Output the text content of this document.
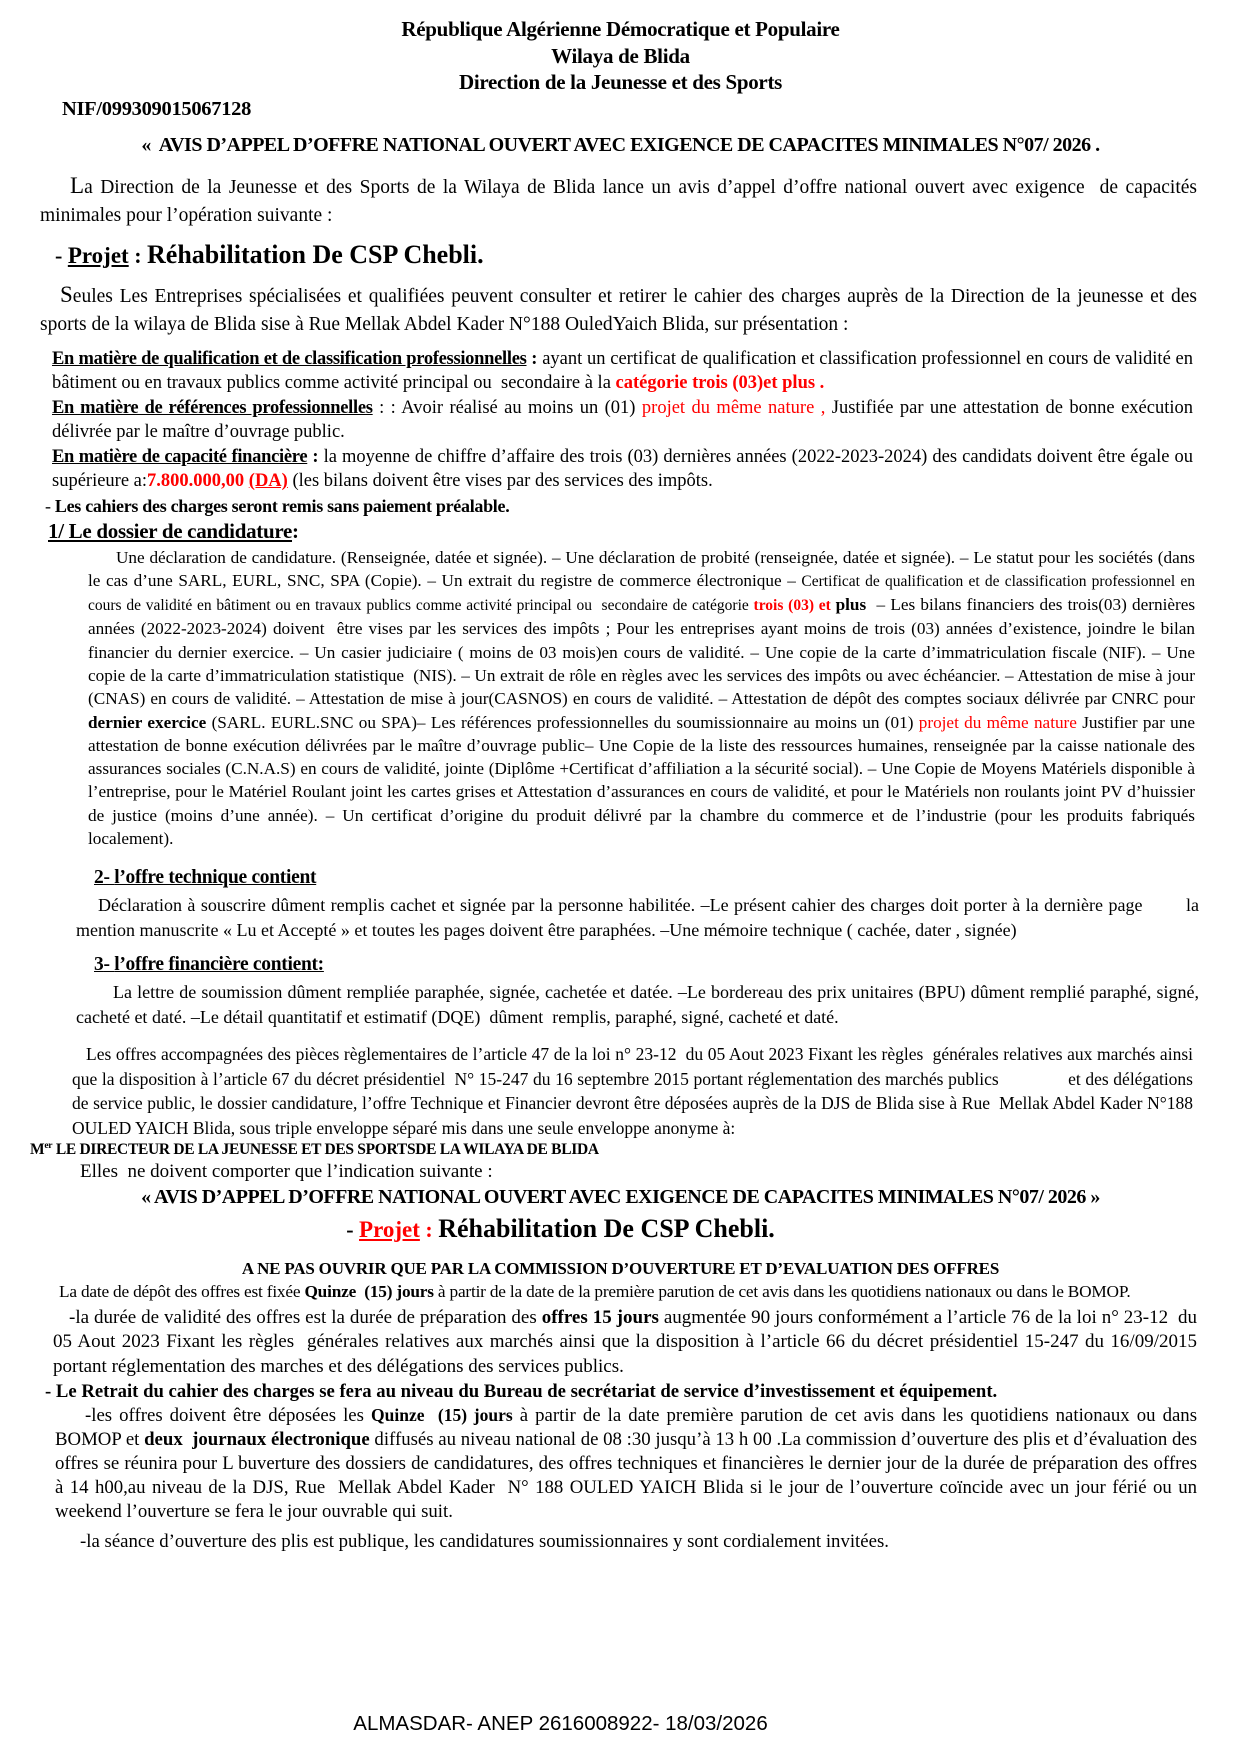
République Algérienne Démocratique et Populaire

Wilaya de Blida

Direction de la Jeunesse et des Sports

NIF/099309015067128

«  AVIS D’APPEL D’OFFRE NATIONAL OUVERT AVEC EXIGENCE DE CAPACITES MINIMALES N°07/ 2026 .

La Direction de la Jeunesse et des Sports de la Wilaya de Blida lance un avis d’appel d’offre national ouvert avec exigence  de capacités minimales pour l’opération suivante :

- Projet : Réhabilitation De CSP Chebli.

Seules Les Entreprises spécialisées et qualifiées peuvent consulter et retirer le cahier des charges auprès de la Direction de la jeunesse et des sports de la wilaya de Blida sise à Rue Mellak Abdel Kader N°188 OuledYaich Blida, sur présentation :

En matière de qualification et de classification professionnelles : ayant un certificat de qualification et classification professionnel en cours de validité en bâtiment ou en travaux publics comme activité principal ou  secondaire à la catégorie trois (03)et plus .

En matière de références professionnelles : : Avoir réalisé au moins un (01) projet du même nature , Justifiée par une attestation de bonne exécution délivrée par le maître d’ouvrage public.

En matière de capacité financière : la moyenne de chiffre d’affaire des trois (03) dernières années (2022-2023-2024) des candidats doivent être égale ou supérieure a:7.800.000,00 (DA) (les bilans doivent être vises par des services des impôts.

- Les cahiers des charges seront remis sans paiement préalable.

1/ Le dossier de candidature:

Une déclaration de candidature. (Renseignée, datée et signée). – Une déclaration de probité (renseignée, datée et signée). – Le statut pour les sociétés (dans le cas d’une SARL, EURL, SNC, SPA (Copie). – Un extrait du registre de commerce électronique – Certificat de qualification et de classification professionnel en cours de validité en bâtiment ou en travaux publics comme activité principal ou  secondaire de catégorie trois (03) et plus  – Les bilans financiers des trois(03) dernières années (2022-2023-2024) doivent  être vises par les services des impôts ; Pour les entreprises ayant moins de trois (03) années d’existence, joindre le bilan financier du dernier exercice. – Un casier judiciaire ( moins de 03 mois)en cours de validité. – Une copie de la carte d’immatriculation fiscale (NIF). – Une copie de la carte d’immatriculation statistique  (NIS). – Un extrait de rôle en règles avec les services des impôts ou avec échéancier. – Attestation de mise à jour (CNAS) en cours de validité. – Attestation de mise à jour(CASNOS) en cours de validité. – Attestation de dépôt des comptes sociaux délivrée par CNRC pour dernier exercice (SARL. EURL.SNC ou SPA)– Les références professionnelles du soumissionnaire au moins un (01) projet du même nature Justifier par une attestation de bonne exécution délivrées par le maître d’ouvrage public– Une Copie de la liste des ressources humaines, renseignée par la caisse nationale des assurances sociales (C.N.A.S) en cours de validité, jointe (Diplôme +Certificat d’affiliation a la sécurité social). – Une Copie de Moyens Matériels disponible à l’entreprise, pour le Matériel Roulant joint les cartes grises et Attestation d’assurances en cours de validité, et pour le Matériels non roulants joint PV d’huissier de justice (moins d’une année). – Un certificat d’origine du produit délivré par la chambre du commerce et de l’industrie (pour les produits fabriqués localement).

2- l’offre technique contient

Déclaration à souscrire dûment remplis cachet et signée par la personne habilitée. –Le présent cahier des charges doit porter à la dernière page        la mention manuscrite « Lu et Accepté » et toutes les pages doivent être paraphées. –Une mémoire technique ( cachée, dater , signée)

3- l’offre financière contient:

La lettre de soumission dûment rempliée paraphée, signée, cachetée et datée. –Le bordereau des prix unitaires (BPU) dûment remplié paraphé, signé, cacheté et daté. –Le détail quantitatif et estimatif (DQE)  dûment  remplis, paraphé, signé, cacheté et daté.

Les offres accompagnées des pièces règlementaires de l’article 47 de la loi n° 23-12  du 05 Aout 2023 Fixant les règles  générales relatives aux marchés ainsi que la disposition à l’article 67 du décret présidentiel  N° 15-247 du 16 septembre 2015 portant réglementation des marchés publics               et des délégations de service public, le dossier candidature, l’offre Technique et Financier devront être déposées auprès de la DJS de Blida sise à Rue  Mellak Abdel Kader N°188 OULED YAICH Blida, sous triple enveloppe séparé mis dans une seule enveloppe anonyme à:

Mer LE DIRECTEUR DE LA JEUNESSE ET DES SPORTSDE LA WILAYA DE BLIDA

Elles  ne doivent comporter que l’indication suivante :

« AVIS D’APPEL D’OFFRE NATIONAL OUVERT AVEC EXIGENCE DE CAPACITES MINIMALES N°07/ 2026 »

- Projet : Réhabilitation De CSP Chebli.

A NE PAS OUVRIR QUE PAR LA COMMISSION D’OUVERTURE ET D’EVALUATION DES OFFRES

La date de dépôt des offres est fixée Quinze  (15) jours à partir de la date de la première parution de cet avis dans les quotidiens nationaux ou dans le BOMOP.

-la durée de validité des offres est la durée de préparation des offres 15 jours augmentée 90 jours conformément a l’article 76 de la loi n° 23-12  du 05 Aout 2023 Fixant les règles  générales relatives aux marchés ainsi que la disposition à l’article 66 du décret présidentiel 15-247 du 16/09/2015 portant réglementation des marches et des délégations des services publics.

- Le Retrait du cahier des charges se fera au niveau du Bureau de secrétariat de service d’investissement et équipement.

-les offres doivent être déposées les Quinze  (15) jours à partir de la date première parution de cet avis dans les quotidiens nationaux ou dans BOMOP et deux  journaux électronique diffusés au niveau national de 08 :30 jusqu’à 13 h 00 .La commission d’ouverture des plis et d’évaluation des offres se réunira pour L buverture des dossiers de candidatures, des offres techniques et financières le dernier jour de la durée de préparation des offres à 14 h00,au niveau de la DJS, Rue  Mellak Abdel Kader  N° 188 OULED YAICH Blida si le jour de l’ouverture coïncide avec un jour férié ou un weekend l’ouverture se fera le jour ouvrable qui suit.

-la séance d’ouverture des plis est publique, les candidatures soumissionnaires y sont cordialement invitées.

ALMASDAR- ANEP 2616008922- 18/03/2026
